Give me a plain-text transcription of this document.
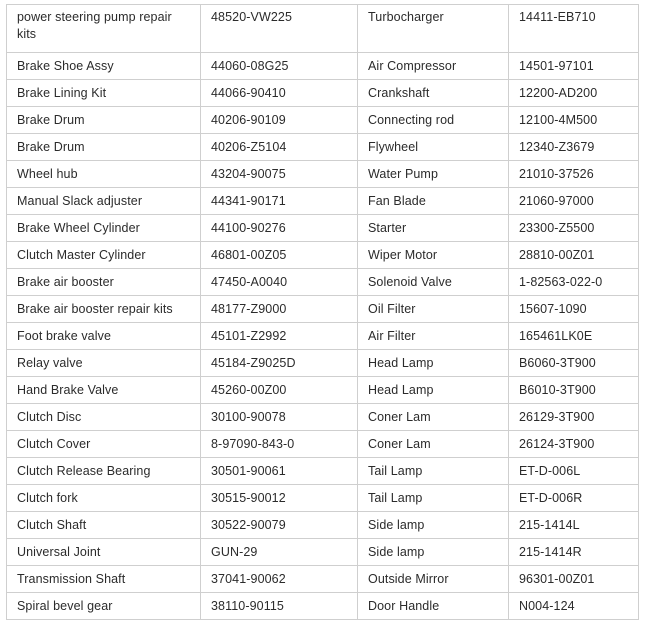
power steering pump repair kits	48520-VW225	Turbocharger	14411-EB710
Brake Shoe Assy	44060-08G25	Air Compressor	14501-97101
Brake Lining Kit	44066-90410	Crankshaft	12200-AD200
Brake Drum	40206-90109	Connecting rod	12100-4M500
Brake Drum	40206-Z5104	Flywheel	12340-Z3679
Wheel hub	43204-90075	Water Pump	21010-37526
Manual Slack adjuster	44341-90171	Fan Blade	21060-97000
Brake Wheel Cylinder	44100-90276	Starter	23300-Z5500
Clutch Master Cylinder	46801-00Z05	Wiper Motor	28810-00Z01
Brake air booster	47450-A0040	Solenoid Valve	1-82563-022-0
Brake air booster repair kits	48177-Z9000	Oil Filter	15607-1090
Foot brake valve	45101-Z2992	Air Filter	165461LK0E
Relay valve	45184-Z9025D	Head Lamp	B6060-3T900
Hand Brake Valve	45260-00Z00	Head Lamp	B6010-3T900
Clutch Disc	30100-90078	Coner Lam	26129-3T900
Clutch Cover	8-97090-843-0	Coner Lam	26124-3T900
Clutch Release Bearing	30501-90061	Tail Lamp	ET-D-006L
Clutch fork	30515-90012	Tail Lamp	ET-D-006R
Clutch Shaft	30522-90079	Side lamp	215-1414L
Universal Joint	GUN-29	Side lamp	215-1414R
Transmission Shaft	37041-90062	Outside Mirror	96301-00Z01
Spiral bevel gear	38110-90115	Door Handle	N004-124
